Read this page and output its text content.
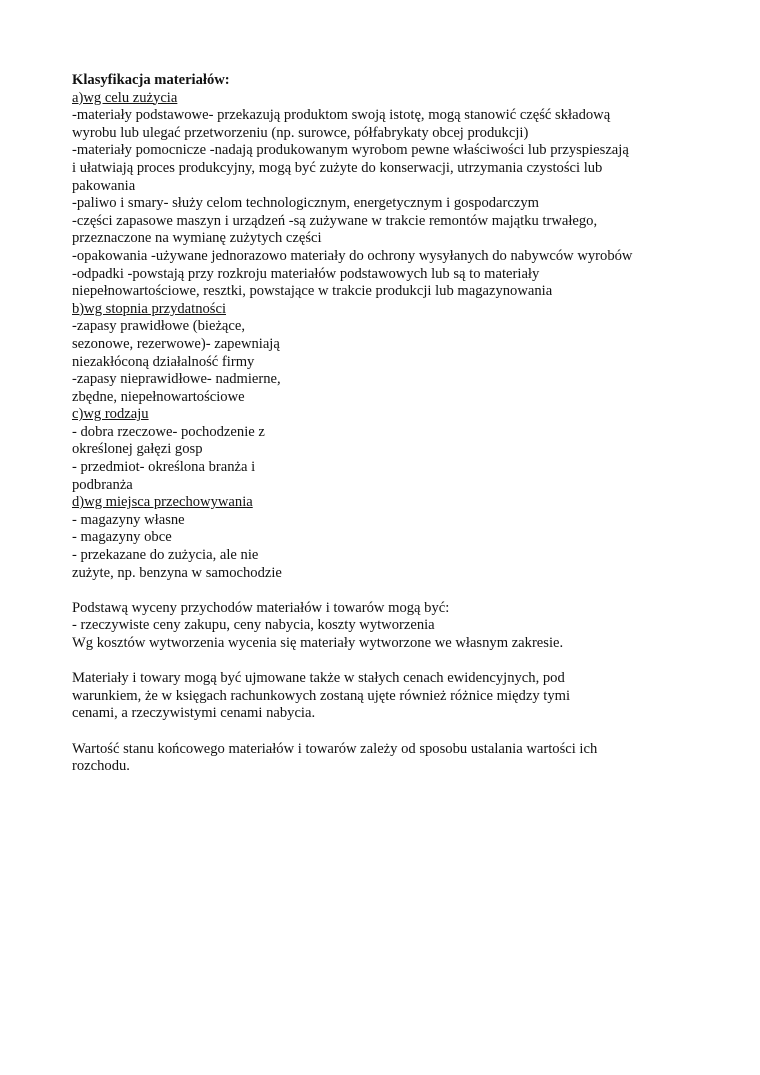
Klasyfikacja materiałów:
a)wg celu zużycia
-materiały podstawowe- przekazują produktom swoją istotę, mogą stanowić część składową
wyrobu lub ulegać przetworzeniu (np. surowce, półfabrykaty obcej produkcji)
-materiały pomocnicze -nadają produkowanym wyrobom pewne właściwości lub przyspieszają
i ułatwiają proces produkcyjny, mogą być zużyte do konserwacji, utrzymania czystości lub
pakowania
-paliwo i smary- służy celom technologicznym, energetycznym i gospodarczym
-części zapasowe maszyn i urządzeń -są zużywane w trakcie remontów majątku trwałego,
przeznaczone na wymianę zużytych części
-opakowania -używane jednorazowo materiały do ochrony wysyłanych do nabywców wyrobów
-odpadki -powstają przy rozkroju materiałów podstawowych lub są to materiały
niepełnowartościowe, resztki, powstające w trakcie produkcji lub magazynowania
b)wg stopnia przydatności
-zapasy prawidłowe (bieżące,
sezonowe, rezerwowe)- zapewniają
niezakłóconą działalność firmy
-zapasy nieprawidłowe- nadmierne,
zbędne, niepełnowartościowe
c)wg rodzaju
- dobra rzeczowe- pochodzenie z
określonej gałęzi gosp
- przedmiot- określona branża i
podbranża
d)wg miejsca przechowywania
- magazyny własne
- magazyny obce
- przekazane do zużycia, ale nie
zużyte, np. benzyna w samochodzie
Podstawą wyceny przychodów materiałów i towarów mogą być:
- rzeczywiste ceny zakupu, ceny nabycia, koszty wytworzenia
Wg kosztów wytworzenia wycenia się materiały wytworzone we własnym zakresie.
Materiały i towary mogą być ujmowane także w stałych cenach ewidencyjnych, pod
warunkiem, że w księgach rachunkowych zostaną ujęte również różnice między tymi
cenami, a rzeczywistymi cenami nabycia.
Wartość stanu końcowego materiałów i towarów zależy od sposobu ustalania wartości ich
rozchodu.
